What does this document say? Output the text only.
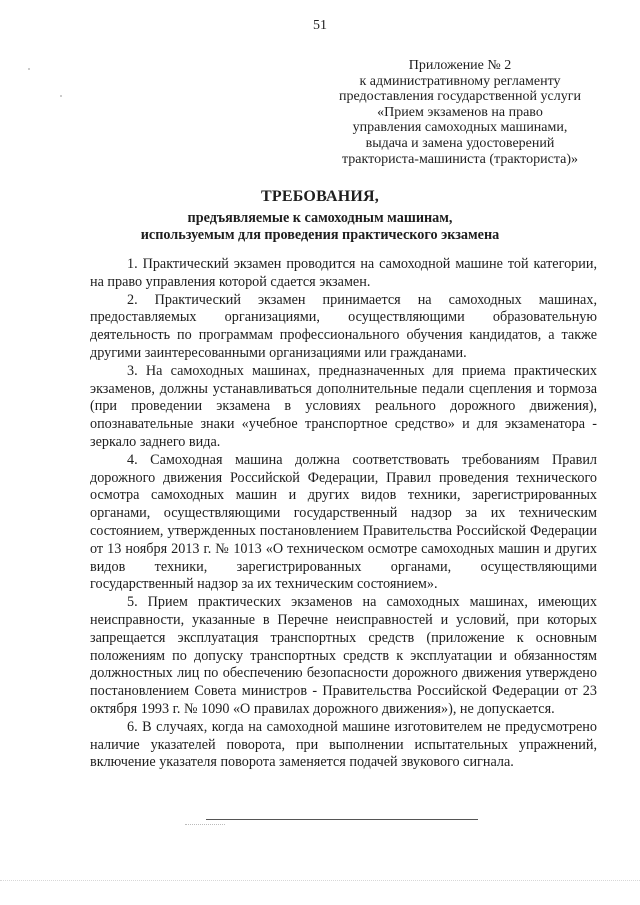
51
Приложение № 2
к административному регламенту
предоставления государственной услуги
«Прием экзаменов на право
управления самоходных машинами,
выдача и замена удостоверений
тракториста-машиниста (тракториста)»
ТРЕБОВАНИЯ,
предъявляемые к самоходным машинам,
используемым для проведения практического экзамена

1. Практический экзамен проводится на самоходной машине той категории, на право управления которой сдается экзамен.

2. Практический экзамен принимается на самоходных машинах, предоставляемых организациями, осуществляющими образовательную деятельность по программам профессионального обучения кандидатов, а также другими заинтересованными организациями или гражданами.

3. На самоходных машинах, предназначенных для приема практических экзаменов, должны устанавливаться дополнительные педали сцепления и тормоза (при проведении экзамена в условиях реального дорожного движения), опознавательные знаки «учебное транспортное средство» и для экзаменатора - зеркало заднего вида.

4. Самоходная машина должна соответствовать требованиям Правил дорожного движения Российской Федерации, Правил проведения технического осмотра самоходных машин и других видов техники, зарегистрированных органами, осуществляющими государственный надзор за их техническим состоянием, утвержденных постановлением Правительства Российской Федерации от 13 ноября 2013 г. № 1013 «О техническом осмотре самоходных машин и других видов техники, зарегистрированных органами, осуществляющими государственный надзор за их техническим состоянием».

5. Прием практических экзаменов на самоходных машинах, имеющих неисправности, указанные в Перечне неисправностей и условий, при которых запрещается эксплуатация транспортных средств (приложение к основным положениям по допуску транспортных средств к эксплуатации и обязанностям должностных лиц по обеспечению безопасности дорожного движения утверждено постановлением Совета министров - Правительства Российской Федерации от 23 октября 1993 г. № 1090 «О правилах дорожного движения»), не допускается.

6. В случаях, когда на самоходной машине изготовителем не предусмотрено наличие указателей поворота, при выполнении испытательных упражнений, включение указателя поворота заменяется подачей звукового сигнала.
